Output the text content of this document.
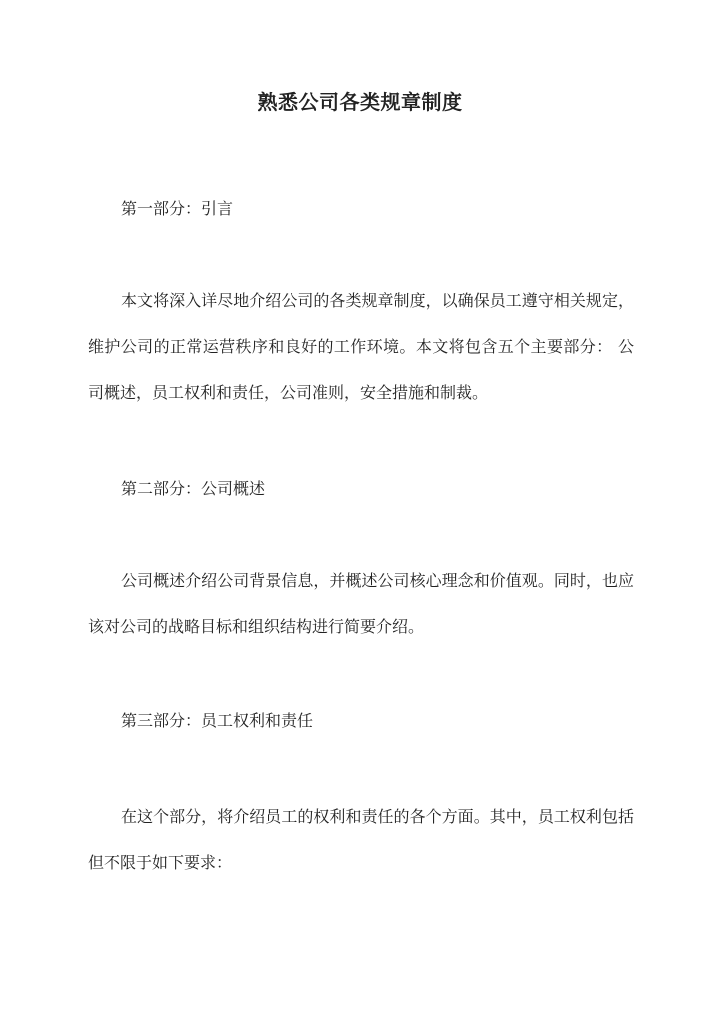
熟悉公司各类规章制度
第一部分：引言

本文将深入详尽地介绍公司的各类规章制度，以确保员工遵守相关规定，维护公司的正常运营秩序和良好的工作环境。本文将包含五个主要部分： 公司概述，员工权利和责任，公司准则，安全措施和制裁。

第二部分：公司概述

公司概述介绍公司背景信息，并概述公司核心理念和价值观。同时，也应该对公司的战略目标和组织结构进行简要介绍。

第三部分：员工权利和责任

在这个部分，将介绍员工的权利和责任的各个方面。其中，员工权利包括但不限于如下要求：
